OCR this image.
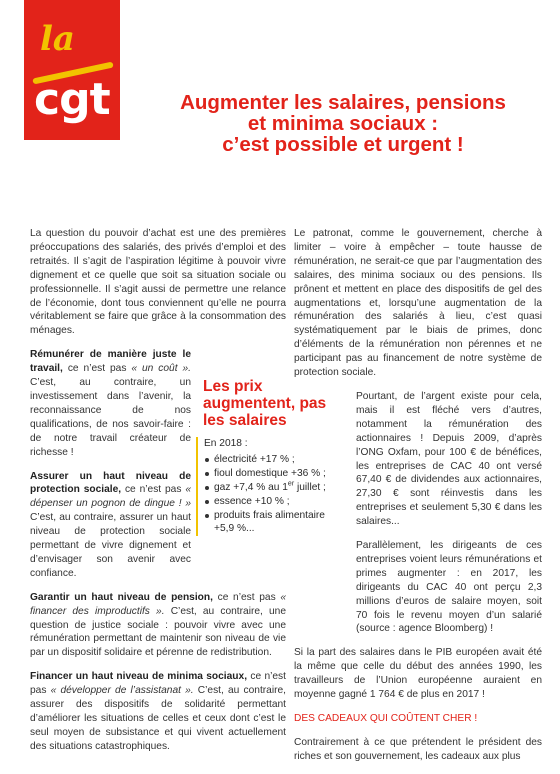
la
cgt	Augmenter les salaires, pensions
et minima sociaux :
c’est possible et urgent !

La question du pouvoir d’achat est une des premières préoccupations des salariés, des privés d’emploi et des retraités. Il s’agit de l’aspiration légitime à pouvoir vivre dignement et ce quelle que soit sa situation sociale ou professionnelle. Il s’agit aussi de permettre une relance de l’économie, dont tous conviennent qu’elle ne pourra véritablement se faire que grâce à la consommation des ménages.

Rémunérer de manière juste le travail, ce n’est pas « un coût ». C’est, au contraire, un investissement dans l’avenir, la reconnaissance de nos qualifications, de nos savoir-faire : de notre travail créateur de richesse !

Assurer un haut niveau de protection sociale, ce n’est pas « dépenser un pognon de dingue ! » C’est, au contraire, assurer un haut niveau de protection sociale permettant de vivre dignement et d’envisager son avenir avec confiance.

Garantir un haut niveau de pension, ce n’est pas « financer des improductifs ». C’est, au contraire, une question de justice sociale : pouvoir vivre avec une rémunération permettant de maintenir son niveau de vie par un dispositif solidaire et pérenne de redistribution.

Financer un haut niveau de minima sociaux, ce n’est pas « développer de l’assistanat ». C’est, au contraire, assurer des dispositifs de solidarité permettant d’améliorer les situations de celles et ceux dont c’est le seul moyen de subsistance et qui vivent actuellement des situations catastrophiques.

Le patronat, comme le gouvernement, cherche à limiter – voire à empêcher – toute hausse de rémunération, ne serait-ce que par l’augmentation des salaires, des minima sociaux ou des pensions. Ils prônent et mettent en place des dispositifs de gel des augmentations et, lorsqu’une augmentation de la rémunération des salariés à lieu, c’est quasi systématiquement par le biais de primes, donc d’éléments de la rémunération non pérennes et ne participant pas au financement de notre système de protection sociale.

Pourtant, de l’argent existe pour cela, mais il est fléché vers d’autres, notamment la rémunération des actionnaires ! Depuis 2009, d’après l’ONG Oxfam, pour 100 € de bénéfices, les entreprises de CAC 40 ont versé 67,40 € de dividendes aux actionnaires, 27,30 € sont réinvestis dans les entreprises et seulement 5,30 € dans les salaires...

Parallèlement, les dirigeants de ces entreprises voient leurs rémunérations et primes augmenter : en 2017, les dirigeants du CAC 40 ont perçu 2,3 millions d’euros de salaire moyen, soit 70 fois le revenu moyen d’un salarié (source : agence Bloomberg) !

Si la part des salaires dans le PIB européen avait été la même que celle du début des années 1990, les travailleurs de l’Union européenne auraient en moyenne gagné 1 764 € de plus en 2017 !

DES CADEAUX QUI COÛTENT CHER !

Contrairement à ce que prétendent le président des riches et son gouvernement, les cadeaux aux plus

Les prix augmentent, pas les salaires
En 2018 :
électricité +17 % ;
fioul domestique +36 % ;
gaz +7,4 % au 1er juillet ;
essence +10 % ;
produits frais alimentaire +5,9 %...
